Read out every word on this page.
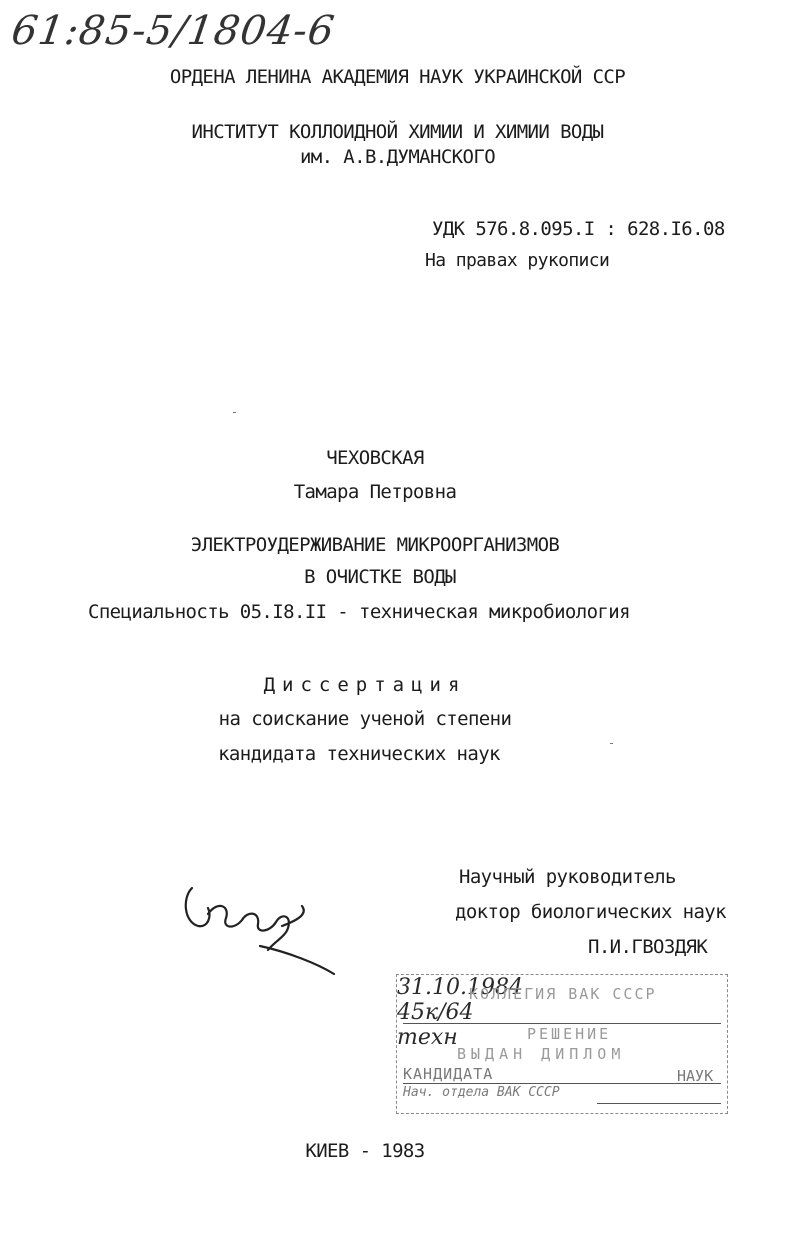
61:85-5/1804-6
ОРДЕНА ЛЕНИНА АКАДЕМИЯ НАУК УКРАИНСКОЙ ССР
ИНСТИТУТ КОЛЛОИДНОЙ ХИМИИ И ХИМИИ ВОДЫ
им. А.В.ДУМАНСКОГО
УДК 576.8.095.I : 628.I6.08
На правах рукописи
ЧЕХОВСКАЯ
Тамара Петровна
ЭЛЕКТРОУДЕРЖИВАНИЕ МИКРООРГАНИЗМОВ
В ОЧИСТКЕ ВОДЫ
Специальность 05.I8.II - техническая микробиология
Диссертация
на соискание ученой степени
кандидата технических наук
Научный руководитель
доктор биологических наук
П.И.ГВОЗДЯК
КОЛЛЕГИЯ ВАК СССР
31.10.1984
45к/64
РЕШЕНИЕ
ВЫДАН ДИПЛОМ
КАНДИДАТА
техн
НАУК
Нач. отдела ВАК СССР
КИЕВ - 1983
